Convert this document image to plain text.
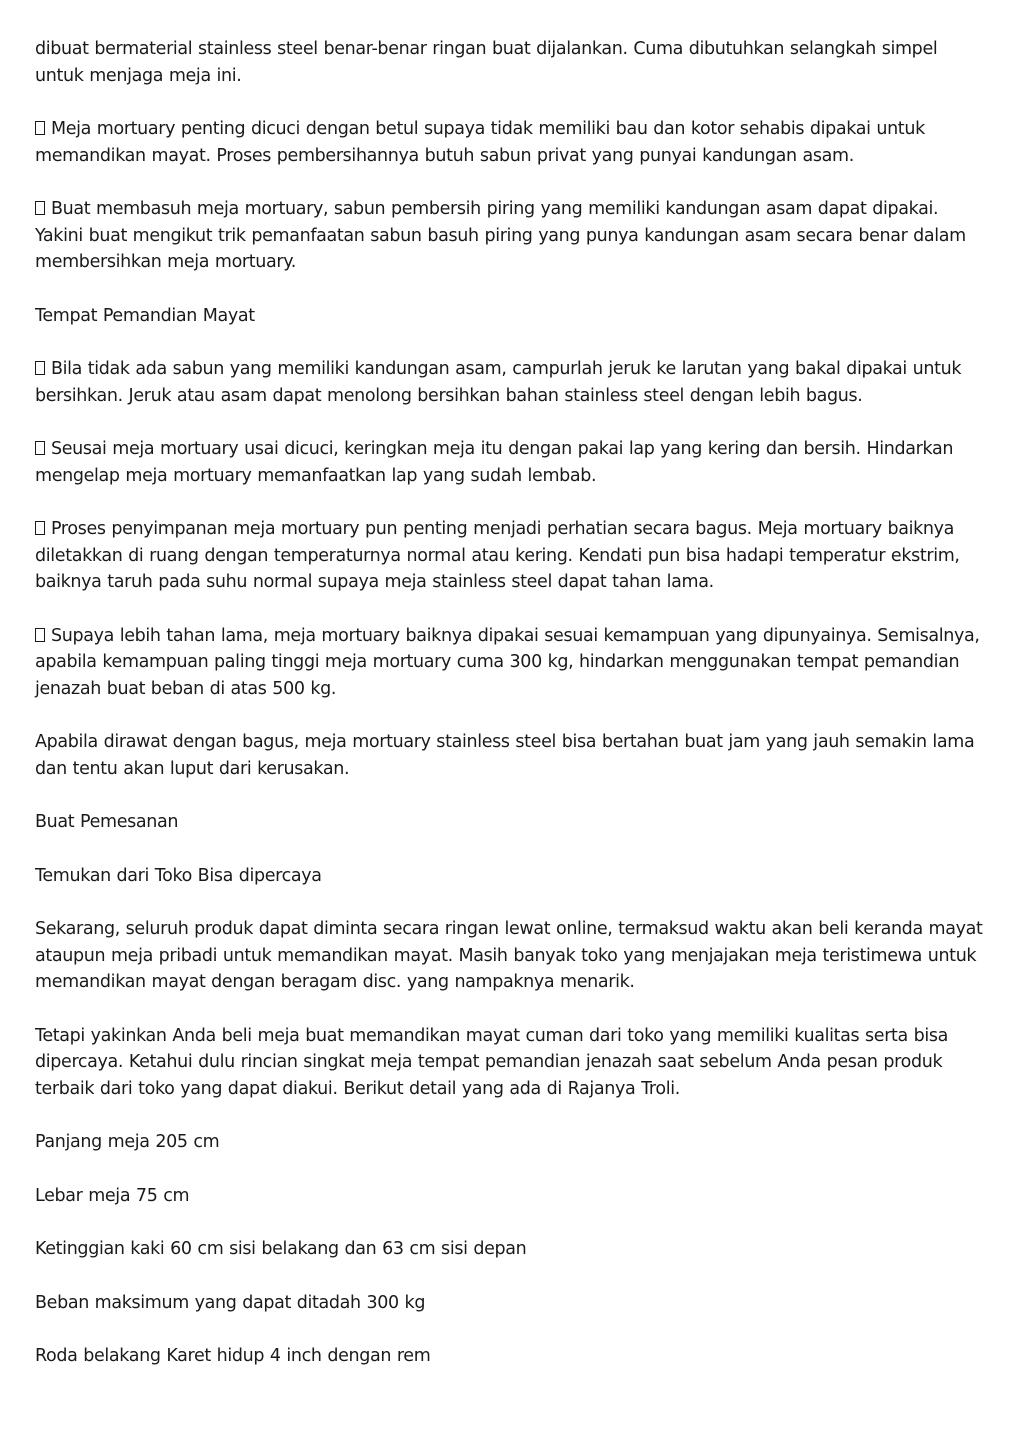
dibuat bermaterial stainless steel benar-benar ringan buat dijalankan. Cuma dibutuhkan selangkah simpel untuk menjaga meja ini.

Meja mortuary penting dicuci dengan betul supaya tidak memiliki bau dan kotor sehabis dipakai untuk memandikan mayat. Proses pembersihannya butuh sabun privat yang punyai kandungan asam.

Buat membasuh meja mortuary, sabun pembersih piring yang memiliki kandungan asam dapat dipakai. Yakini buat mengikut trik pemanfaatan sabun basuh piring yang punya kandungan asam secara benar dalam membersihkan meja mortuary.

Tempat Pemandian Mayat

Bila tidak ada sabun yang memiliki kandungan asam, campurlah jeruk ke larutan yang bakal dipakai untuk bersihkan. Jeruk atau asam dapat menolong bersihkan bahan stainless steel dengan lebih bagus.

Seusai meja mortuary usai dicuci, keringkan meja itu dengan pakai lap yang kering dan bersih. Hindarkan mengelap meja mortuary memanfaatkan lap yang sudah lembab.

Proses penyimpanan meja mortuary pun penting menjadi perhatian secara bagus. Meja mortuary baiknya diletakkan di ruang dengan temperaturnya normal atau kering. Kendati pun bisa hadapi temperatur ekstrim, baiknya taruh pada suhu normal supaya meja stainless steel dapat tahan lama.

Supaya lebih tahan lama, meja mortuary baiknya dipakai sesuai kemampuan yang dipunyainya. Semisalnya, apabila kemampuan paling tinggi meja mortuary cuma 300 kg, hindarkan menggunakan tempat pemandian jenazah buat beban di atas 500 kg.

Apabila dirawat dengan bagus, meja mortuary stainless steel bisa bertahan buat jam yang jauh semakin lama dan tentu akan luput dari kerusakan.

Buat Pemesanan

Temukan dari Toko Bisa dipercaya

Sekarang, seluruh produk dapat diminta secara ringan lewat online, termaksud waktu akan beli keranda mayat ataupun meja pribadi untuk memandikan mayat. Masih banyak toko yang menjajakan meja teristimewa untuk memandikan mayat dengan beragam disc. yang nampaknya menarik.

Tetapi yakinkan Anda beli meja buat memandikan mayat cuman dari toko yang memiliki kualitas serta bisa dipercaya. Ketahui dulu rincian singkat meja tempat pemandian jenazah saat sebelum Anda pesan produk terbaik dari toko yang dapat diakui. Berikut detail yang ada di Rajanya Troli.

Panjang meja 205 cm

Lebar meja 75 cm

Ketinggian kaki 60 cm sisi belakang dan 63 cm sisi depan

Beban maksimum yang dapat ditadah 300 kg

Roda belakang Karet hidup 4 inch dengan rem
